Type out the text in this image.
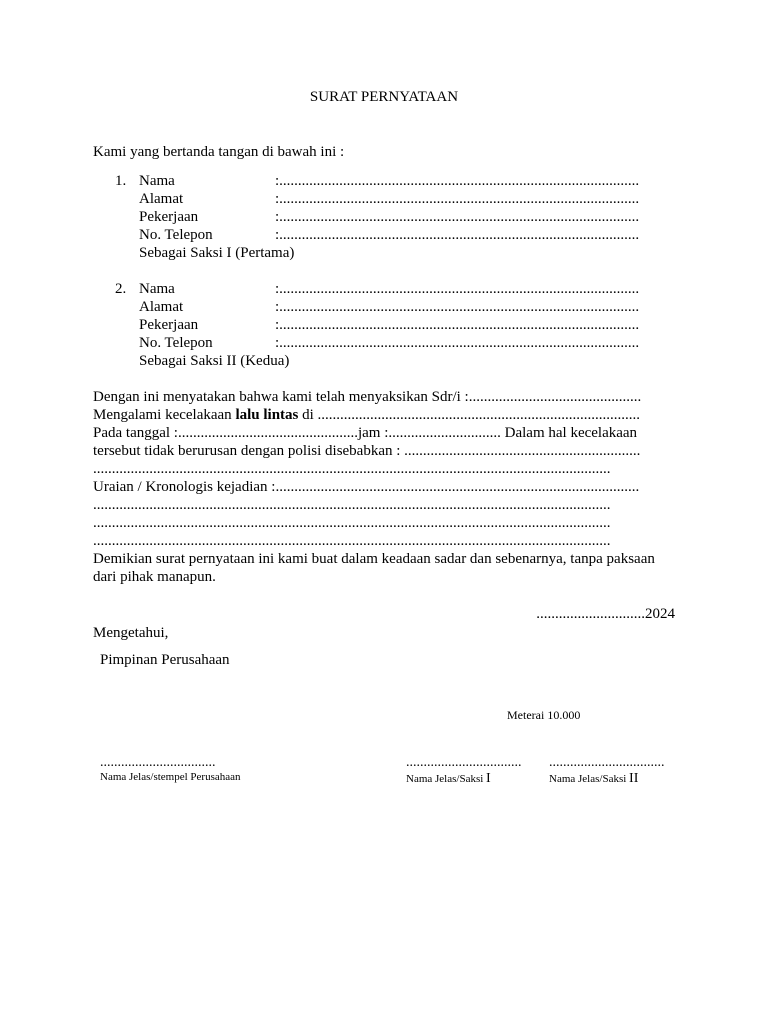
SURAT PERNYATAAN
Kami yang bertanda tangan di bawah ini :
1. Nama	:................................................................................................
Alamat	:................................................................................................
Pekerjaan	:................................................................................................
No. Telepon	:................................................................................................
Sebagai Saksi I (Pertama)
2. Nama	:................................................................................................
Alamat	:................................................................................................
Pekerjaan	:................................................................................................
No. Telepon	:................................................................................................
Sebagai Saksi II (Kedua)
Dengan ini menyatakan bahwa kami telah menyaksikan Sdr/i :..............................................
Mengalami kecelakaan lalu lintas di ......................................................................................
Pada tanggal :................................................jam :.............................. Dalam hal kecelakaan
tersebut tidak berurusan dengan polisi disebabkan : ...............................................................
..........................................................................................................................................
Uraian / Kronologis kejadian :.................................................................................................
..........................................................................................................................................
..........................................................................................................................................
..........................................................................................................................................
Demikian surat pernyataan ini kami buat dalam keadaan sadar dan sebenarnya, tanpa paksaan
dari pihak manapun.
.............................2024
Mengetahui,
Pimpinan Perusahaan
Meterai 10.000
.................................
Nama Jelas/stempel Perusahaan
.................................
Nama Jelas/Saksi I
.................................
Nama Jelas/Saksi II
